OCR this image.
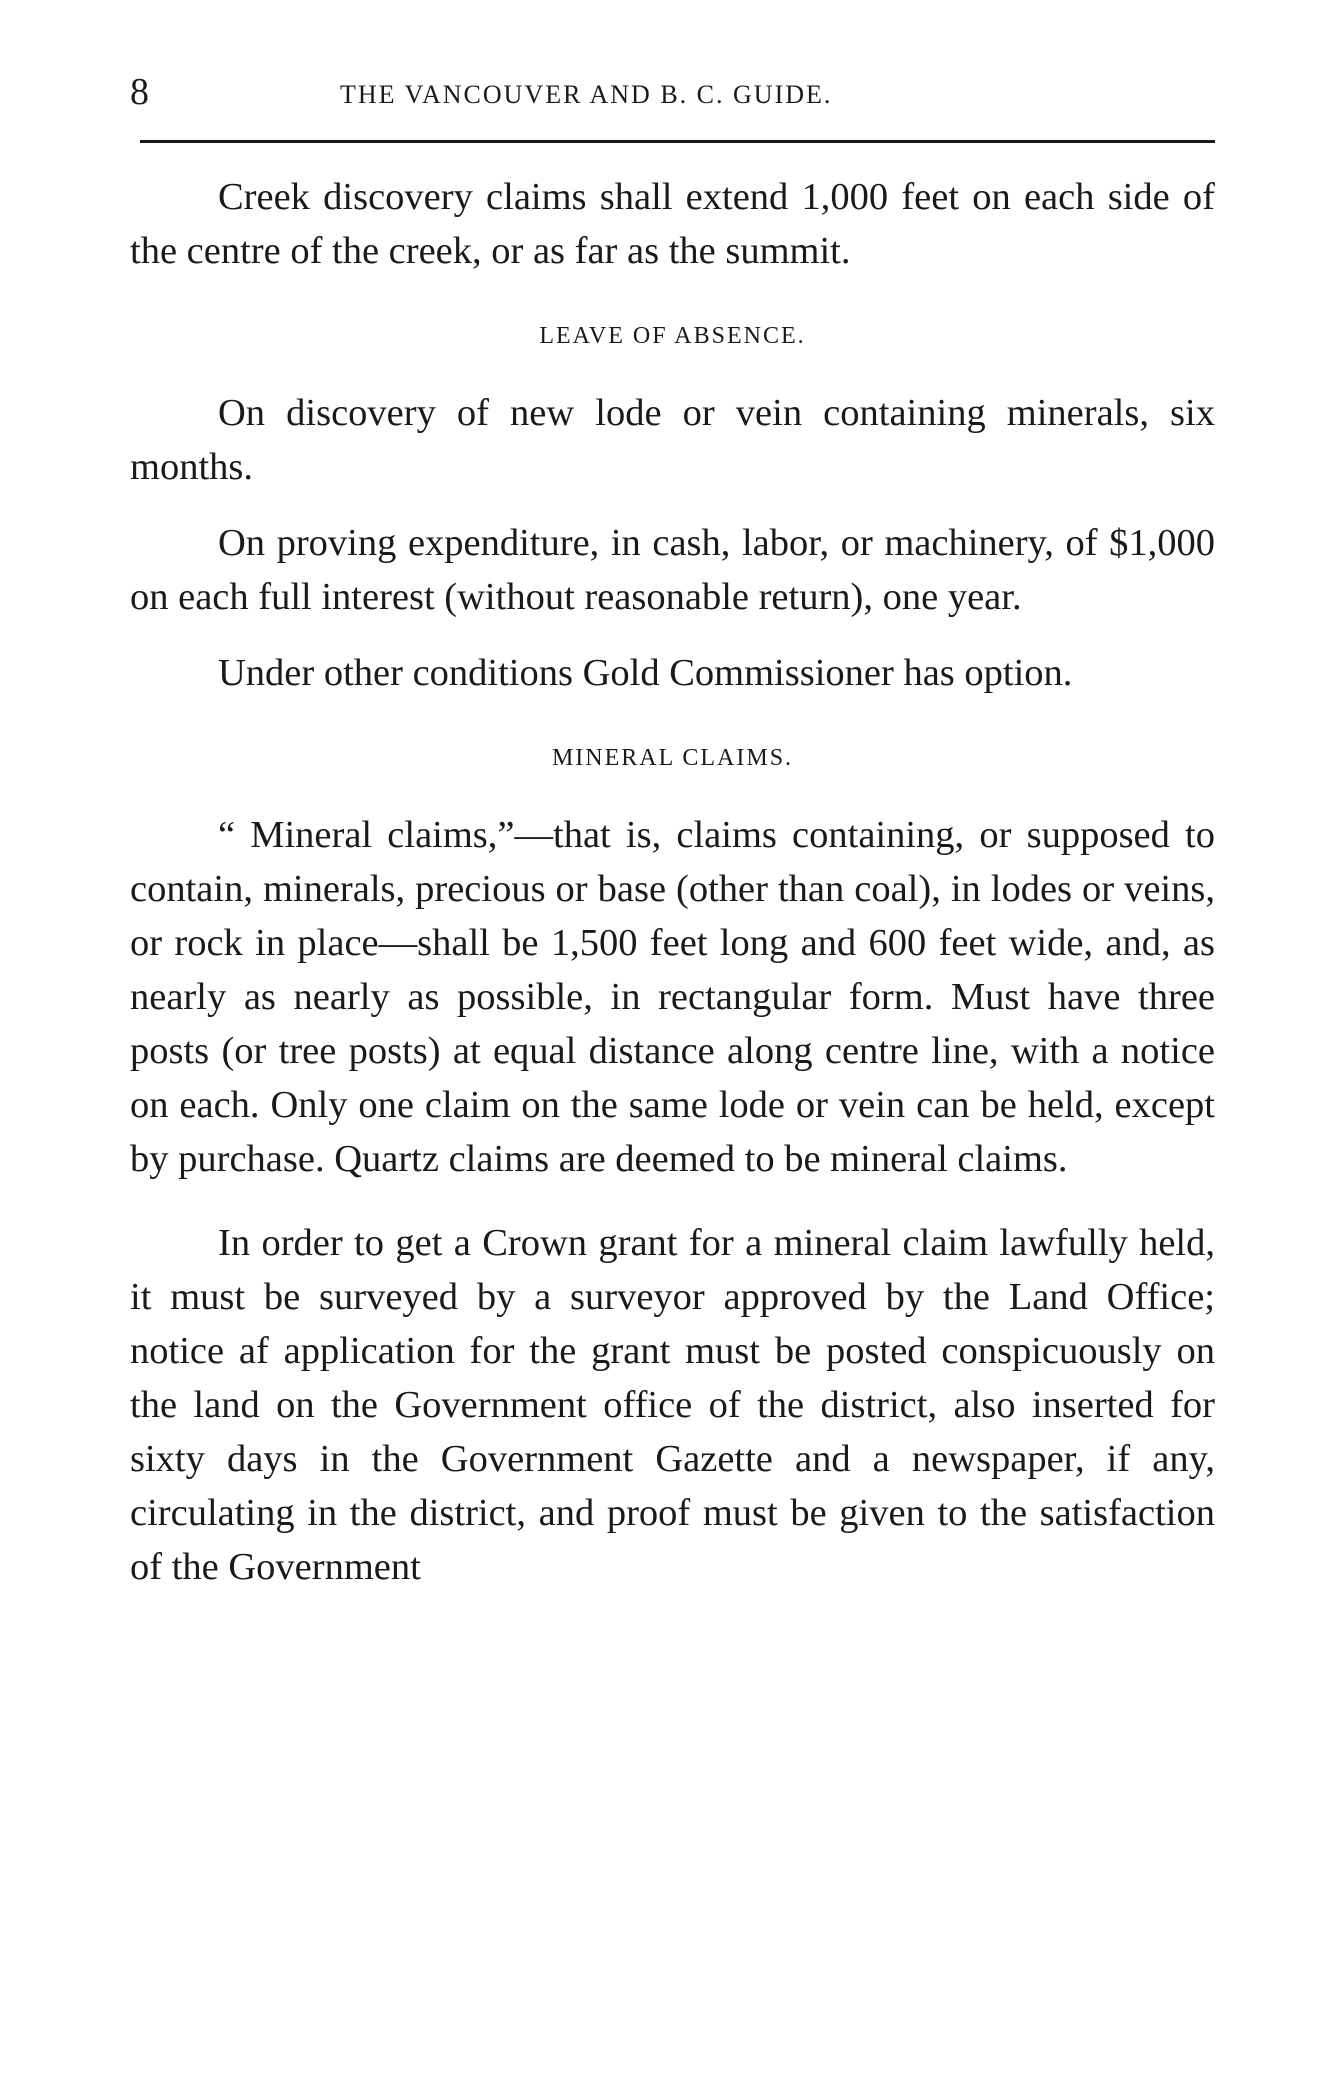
8	THE VANCOUVER AND B. C. GUIDE.

Creek discovery claims shall extend 1,000 feet on each side of the centre of the creek, or as far as the summit.

LEAVE OF ABSENCE.

On discovery of new lode or vein containing minerals, six months.

On proving expenditure, in cash, labor, or machinery, of $1,000 on each full interest (without reasonable return), one year.

Under other conditions Gold Commissioner has option.

MINERAL CLAIMS.

“ Mineral claims,”—that is, claims containing, or supposed to contain, minerals, precious or base (other than coal), in lodes or veins, or rock in place—shall be 1,500 feet long and 600 feet wide, and, as nearly as nearly as possible, in rectangular form. Must have three posts (or tree posts) at equal distance along centre line, with a notice on each. Only one claim on the same lode or vein can be held, except by purchase. Quartz claims are deemed to be mineral claims.

In order to get a Crown grant for a mineral claim lawfully held, it must be surveyed by a surveyor approved by the Land Office; notice af application for the grant must be posted conspicuously on the land on the Government office of the district, also inserted for sixty days in the Government Gazette and a newspaper, if any, circulating in the district, and proof must be given to the satisfaction of the Government
